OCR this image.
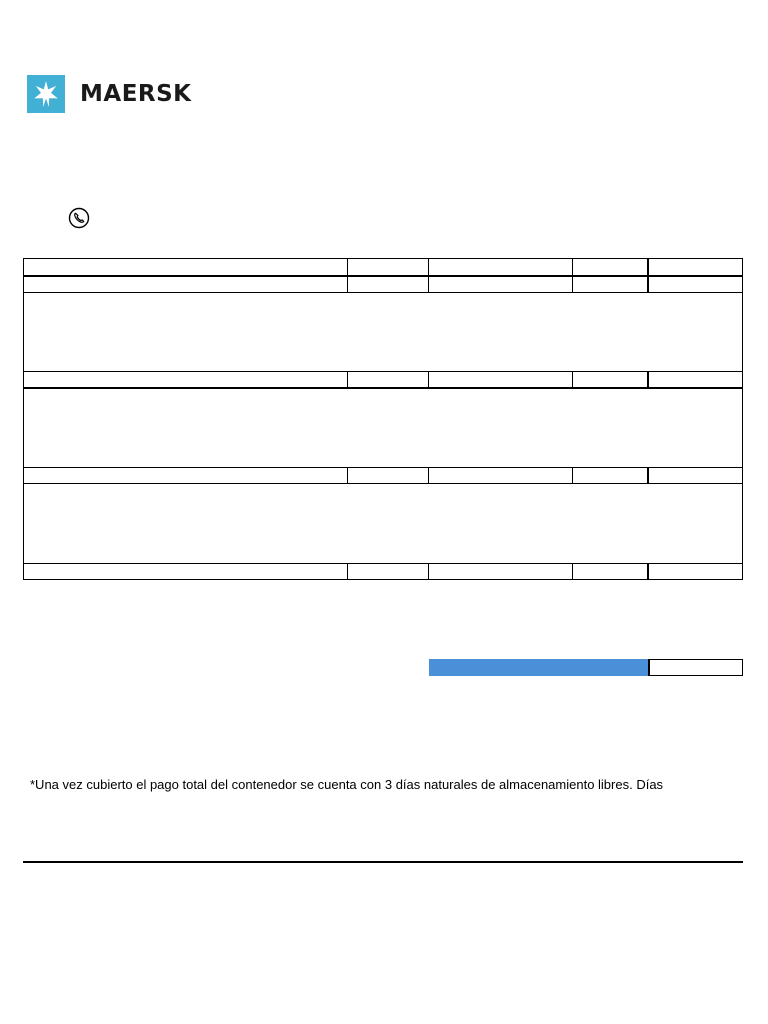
MAERSK
*Una vez cubierto el pago total del contenedor se cuenta con 3 días naturales de almacenamiento libres. Días
